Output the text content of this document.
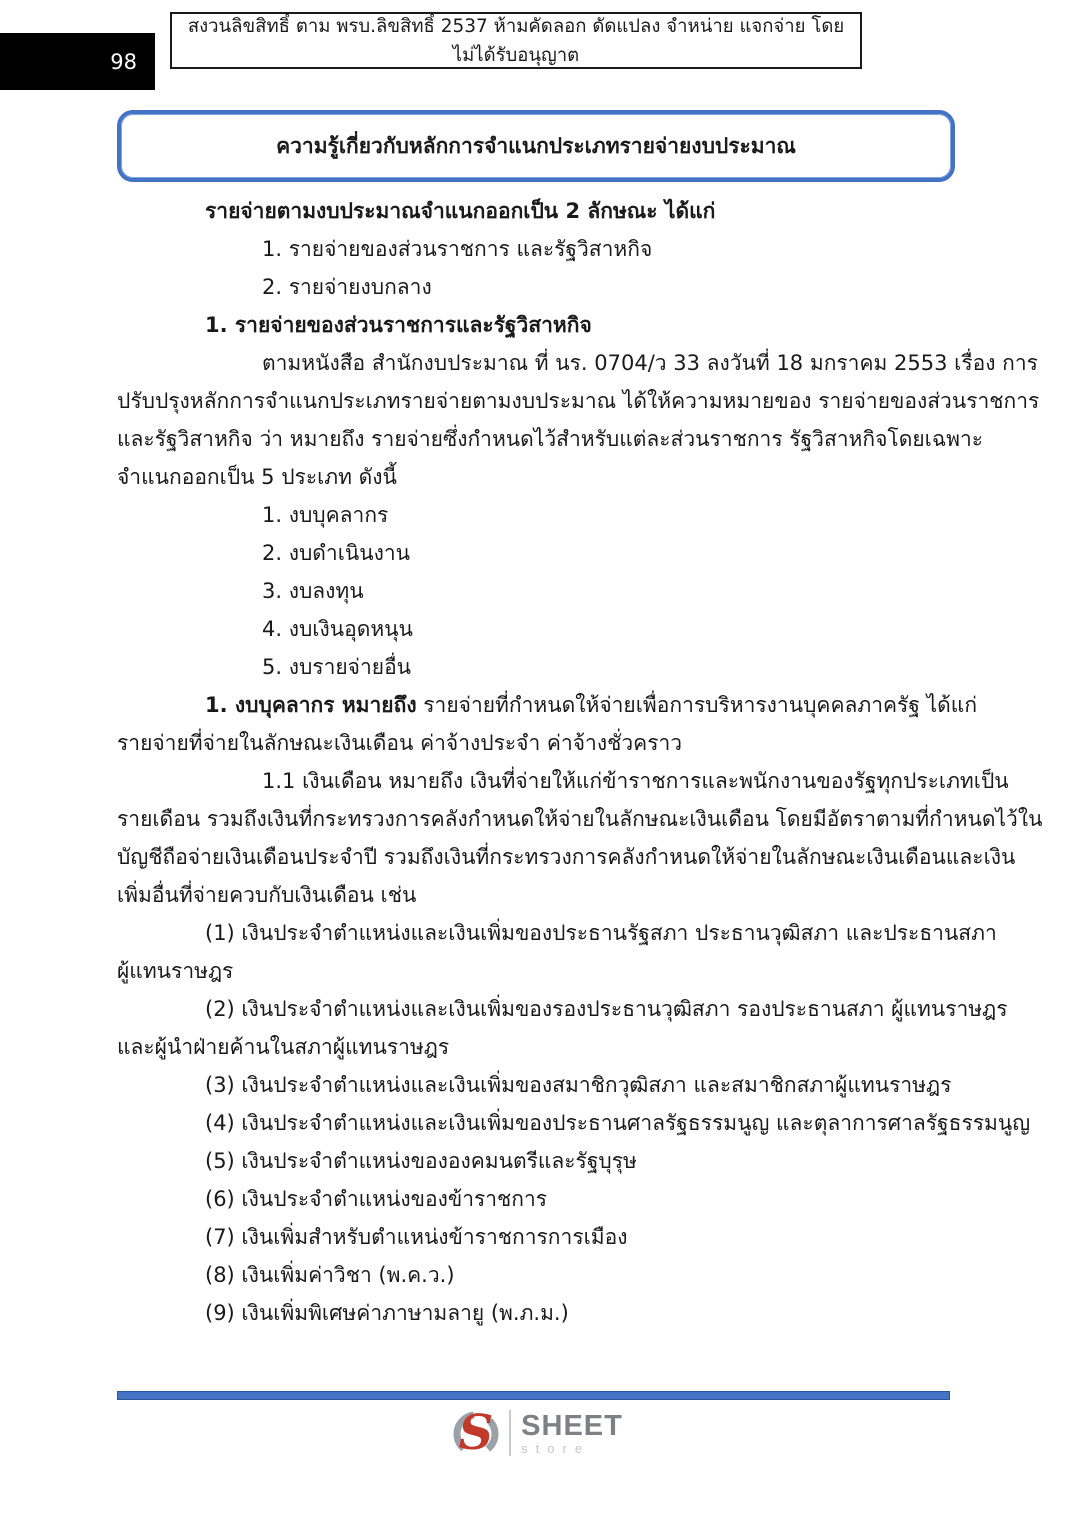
98
สงวนลิขสิทธิ์ ตาม พรบ.ลิขสิทธิ์ 2537 ห้ามคัดลอก ดัดแปลง จำหน่าย แจกจ่าย โดยไม่ได้รับอนุญาต
ความรู้เกี่ยวกับหลักการจำแนกประเภทรายจ่ายงบประมาณ

รายจ่ายตามงบประมาณจำแนกออกเป็น 2 ลักษณะ ได้แก่

1. รายจ่ายของส่วนราชการ และรัฐวิสาหกิจ

2. รายจ่ายงบกลาง

1. รายจ่ายของส่วนราชการและรัฐวิสาหกิจ

ตามหนังสือ สำนักงบประมาณ ที่ นร. 0704/ว 33 ลงวันที่ 18 มกราคม 2553 เรื่อง การ

ปรับปรุงหลักการจำแนกประเภทรายจ่ายตามงบประมาณ ได้ให้ความหมายของ รายจ่ายของส่วนราชการ

และรัฐวิสาหกิจ ว่า หมายถึง รายจ่ายซึ่งกำหนดไว้สำหรับแต่ละส่วนราชการ รัฐวิสาหกิจโดยเฉพาะ

จำแนกออกเป็น 5 ประเภท ดังนี้

1. งบบุคลากร

2. งบดำเนินงาน

3. งบลงทุน

4. งบเงินอุดหนุน

5. งบรายจ่ายอื่น

1. งบบุคลากร หมายถึง รายจ่ายที่กำหนดให้จ่ายเพื่อการบริหารงานบุคคลภาครัฐ ได้แก่

รายจ่ายที่จ่ายในลักษณะเงินเดือน ค่าจ้างประจำ ค่าจ้างชั่วคราว

1.1 เงินเดือน หมายถึง เงินที่จ่ายให้แก่ข้าราชการและพนักงานของรัฐทุกประเภทเป็น

รายเดือน รวมถึงเงินที่กระทรวงการคลังกำหนดให้จ่ายในลักษณะเงินเดือน โดยมีอัตราตามที่กำหนดไว้ใน

บัญชีถือจ่ายเงินเดือนประจำปี รวมถึงเงินที่กระทรวงการคลังกำหนดให้จ่ายในลักษณะเงินเดือนและเงิน

เพิ่มอื่นที่จ่ายควบกับเงินเดือน เช่น

(1) เงินประจำตำแหน่งและเงินเพิ่มของประธานรัฐสภา ประธานวุฒิสภา และประธานสภา

ผู้แทนราษฎร

(2) เงินประจำตำแหน่งและเงินเพิ่มของรองประธานวุฒิสภา รองประธานสภา ผู้แทนราษฎร

และผู้นำฝ่ายค้านในสภาผู้แทนราษฎร

(3) เงินประจำตำแหน่งและเงินเพิ่มของสมาชิกวุฒิสภา และสมาชิกสภาผู้แทนราษฎร

(4) เงินประจำตำแหน่งและเงินเพิ่มของประธานศาลรัฐธรรมนูญ และตุลาการศาลรัฐธรรมนูญ

(5) เงินประจำตำแหน่งขององคมนตรีและรัฐบุรุษ

(6) เงินประจำตำแหน่งของข้าราชการ

(7) เงินเพิ่มสำหรับตำแหน่งข้าราชการการเมือง

(8) เงินเพิ่มค่าวิชา (พ.ค.ว.)

(9) เงินเพิ่มพิเศษค่าภาษามลายู (พ.ภ.ม.)

S SHEET
store
